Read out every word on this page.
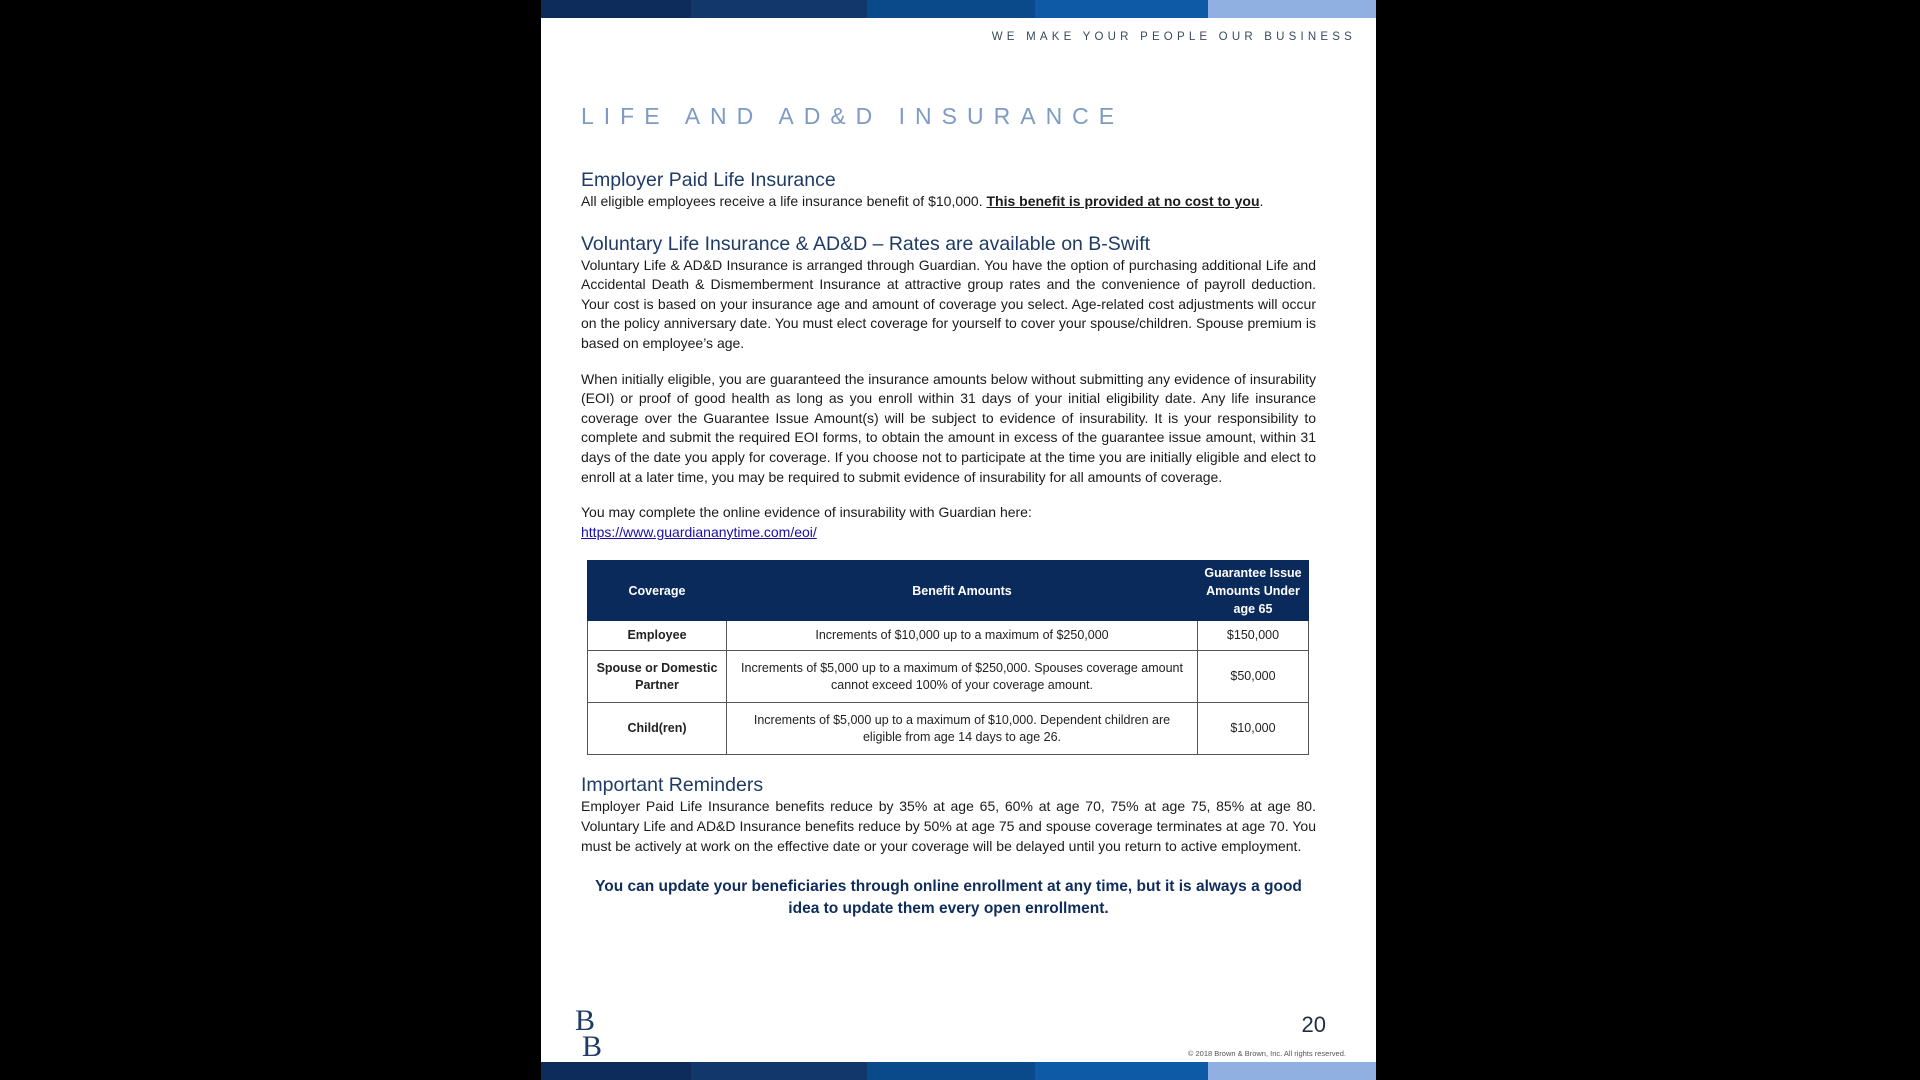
WE MAKE YOUR PEOPLE OUR BUSINESS
LIFE AND AD&D INSURANCE
Employer Paid Life Insurance

All eligible employees receive a life insurance benefit of $10,000. This benefit is provided at no cost to you.

Voluntary Life Insurance & AD&D – Rates are available on B-Swift

Voluntary Life & AD&D Insurance is arranged through Guardian. You have the option of purchasing additional Life and Accidental Death & Dismemberment Insurance at attractive group rates and the convenience of payroll deduction. Your cost is based on your insurance age and amount of coverage you select. Age-related cost adjustments will occur on the policy anniversary date. You must elect coverage for yourself to cover your spouse/children. Spouse premium is based on employee’s age.

When initially eligible, you are guaranteed the insurance amounts below without submitting any evidence of insurability (EOI) or proof of good health as long as you enroll within 31 days of your initial eligibility date. Any life insurance coverage over the Guarantee Issue Amount(s) will be subject to evidence of insurability. It is your responsibility to complete and submit the required EOI forms, to obtain the amount in excess of the guarantee issue amount, within 31 days of the date you apply for coverage. If you choose not to participate at the time you are initially eligible and elect to enroll at a later time, you may be required to submit evidence of insurability for all amounts of coverage.

You may complete the online evidence of insurability with Guardian here:

https://www.guardiananytime.com/eoi/
Coverage	Benefit Amounts	Guarantee Issue Amounts Under age 65
Employee	Increments of $10,000 up to a maximum of $250,000	$150,000
Spouse or Domestic Partner	Increments of $5,000 up to a maximum of $250,000. Spouses coverage amount cannot exceed 100% of your coverage amount.	$50,000
Child(ren)	Increments of $5,000 up to a maximum of $10,000. Dependent children are eligible from age 14 days to age 26.	$10,000
Important Reminders

Employer Paid Life Insurance benefits reduce by 35% at age 65, 60% at age 70, 75% at age 75, 85% at age 80. Voluntary Life and AD&D Insurance benefits reduce by 50% at age 75 and spouse coverage terminates at age 70. You must be actively at work on the effective date or your coverage will be delayed until you return to active employment.

You can update your beneficiaries through online enrollment at any time, but it is always a good idea to update them every open enrollment.
B
B
20
© 2018 Brown & Brown, Inc. All rights reserved.
